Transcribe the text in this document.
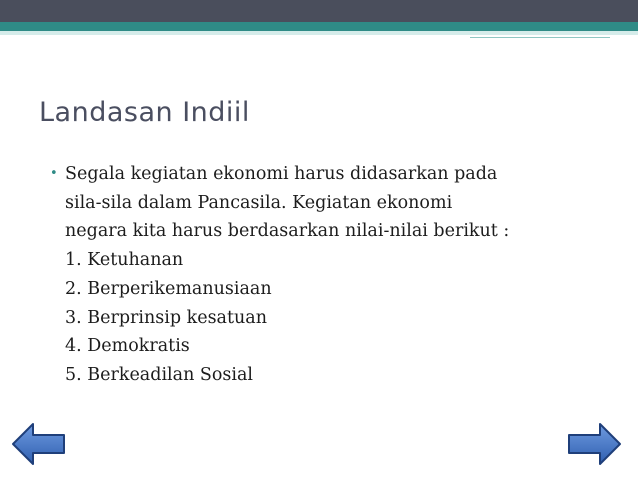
Landasan Indiil
• Segala kegiatan ekonomi harus didasarkan pada
sila-sila dalam Pancasila. Kegiatan ekonomi
negara kita harus berdasarkan nilai-nilai berikut :
1. Ketuhanan
2. Berperikemanusiaan
3. Berprinsip kesatuan
4. Demokratis
5. Berkeadilan Sosial
